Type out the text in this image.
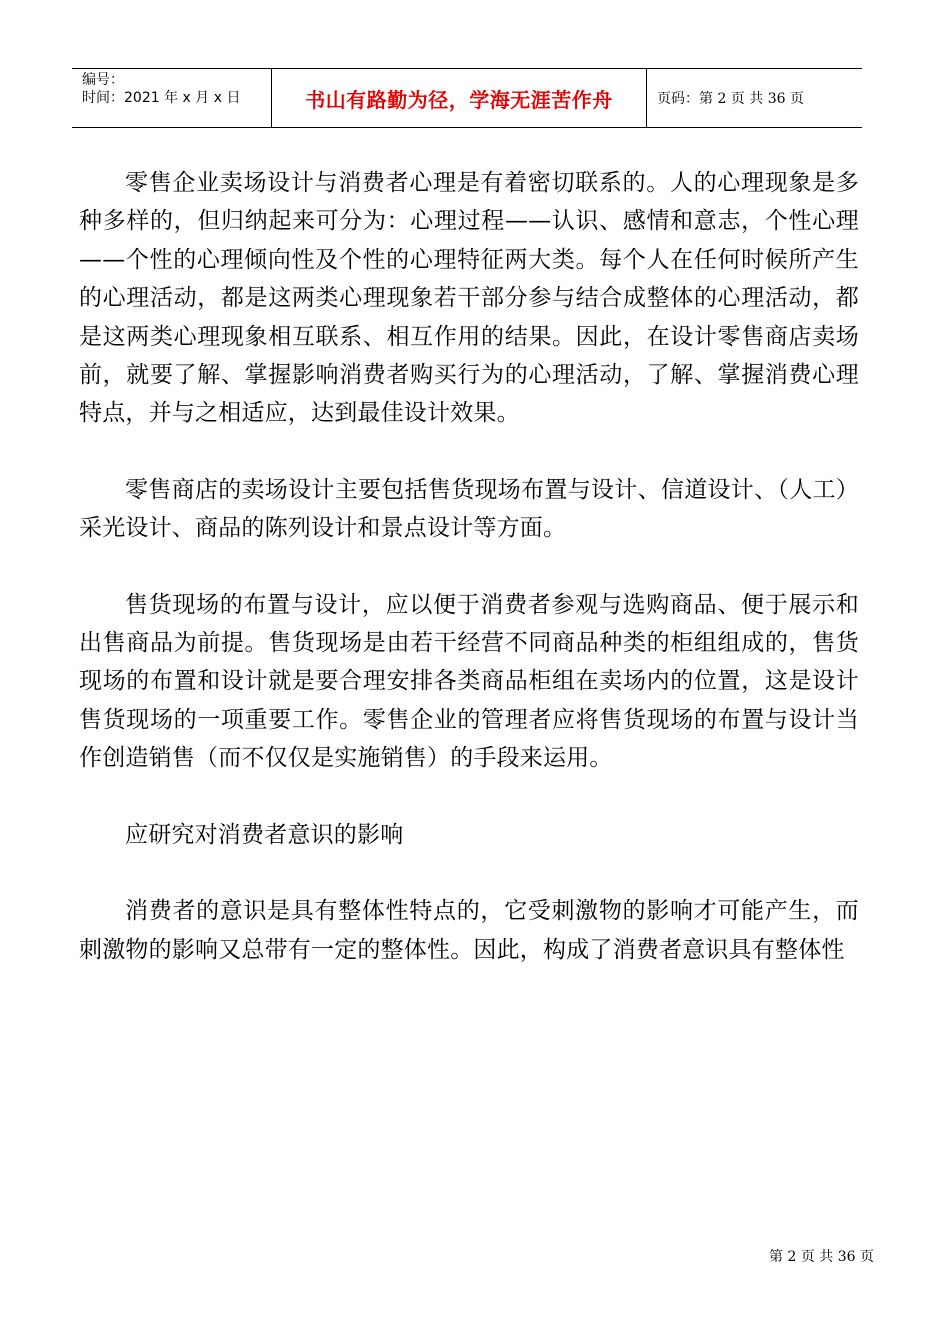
编号：
时间：2021 年 x 月 x 日	书山有路勤为径，学海无涯苦作舟	页码：第 2 页 共 36 页

零售企业卖场设计与消费者心理是有着密切联系的。人的心理现象是多种多样的，但归纳起来可分为：心理过程——认识、感情和意志，个性心理——个性的心理倾向性及个性的心理特征两大类。每个人在任何时候所产生的心理活动，都是这两类心理现象若干部分参与结合成整体的心理活动，都是这两类心理现象相互联系、相互作用的结果。因此，在设计零售商店卖场前，就要了解、掌握影响消费者购买行为的心理活动，了解、掌握消费心理特点，并与之相适应，达到最佳设计效果。

零售商店的卖场设计主要包括售货现场布置与设计、信道设计、（人工）采光设计、商品的陈列设计和景点设计等方面。

售货现场的布置与设计，应以便于消费者参观与选购商品、便于展示和出售商品为前提。售货现场是由若干经营不同商品种类的柜组组成的，售货现场的布置和设计就是要合理安排各类商品柜组在卖场内的位置，这是设计售货现场的一项重要工作。零售企业的管理者应将售货现场的布置与设计当作创造销售（而不仅仅是实施销售）的手段来运用。

应研究对消费者意识的影响

消费者的意识是具有整体性特点的，它受刺激物的影响才可能产生，而刺激物的影响又总带有一定的整体性。因此，构成了消费者意识具有整体性

第 2 页 共 36 页
